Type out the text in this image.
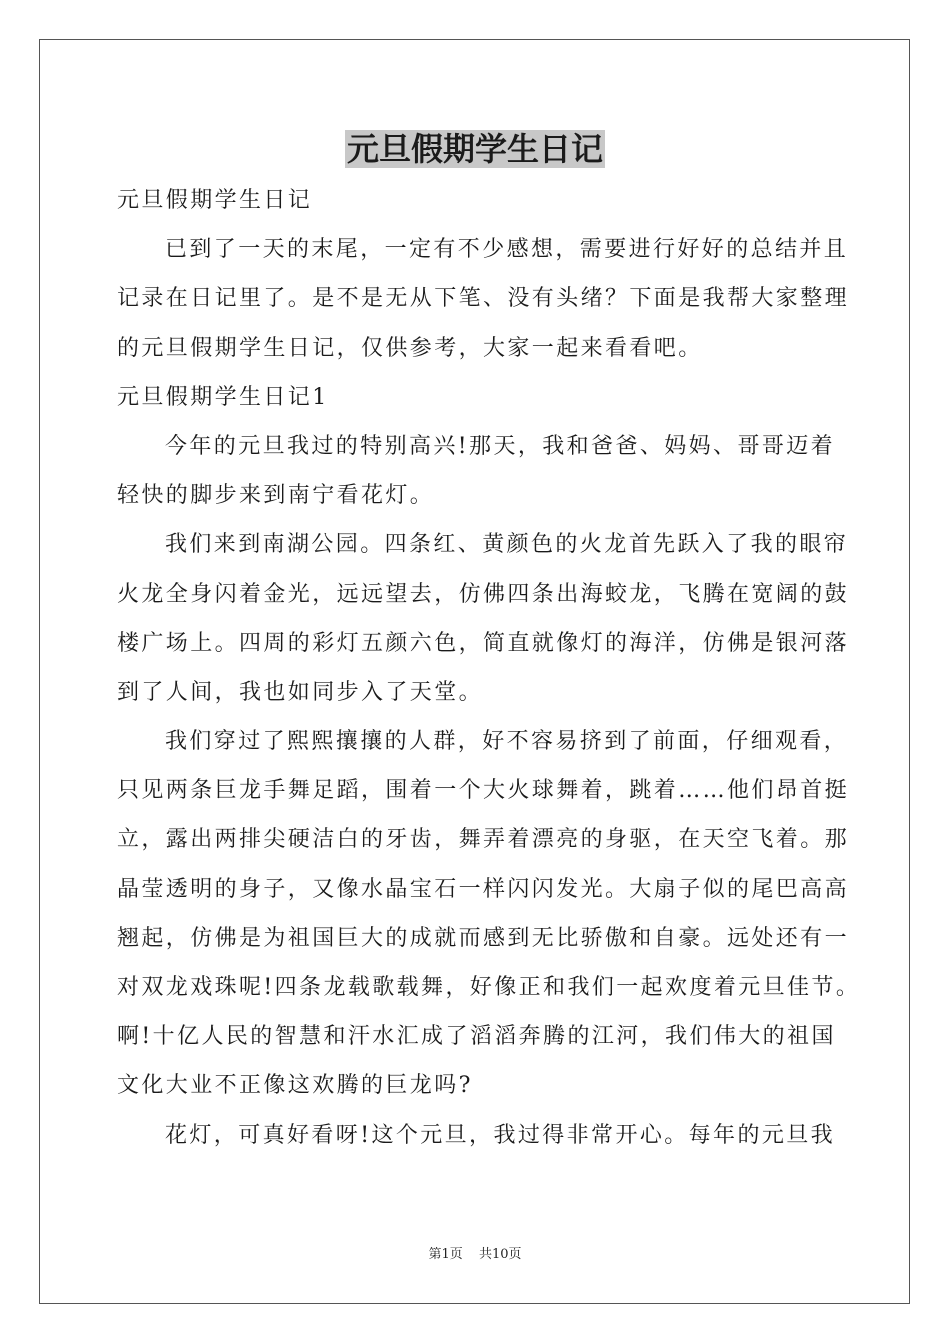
元旦假期学生日记
元旦假期学生日记
已到了一天的末尾，一定有不少感想，需要进行好好的总结并且
记录在日记里了。是不是无从下笔、没有头绪？下面是我帮大家整理
的元旦假期学生日记，仅供参考，大家一起来看看吧。
元旦假期学生日记1
今年的元旦我过的特别高兴!那天，我和爸爸、妈妈、哥哥迈着
轻快的脚步来到南宁看花灯。
我们来到南湖公园。四条红、黄颜色的火龙首先跃入了我的眼帘
火龙全身闪着金光，远远望去，仿佛四条出海蛟龙，飞腾在宽阔的鼓
楼广场上。四周的彩灯五颜六色，简直就像灯的海洋，仿佛是银河落
到了人间，我也如同步入了天堂。
我们穿过了熙熙攘攘的人群，好不容易挤到了前面，仔细观看，
只见两条巨龙手舞足蹈，围着一个大火球舞着，跳着……他们昂首挺
立，露出两排尖硬洁白的牙齿，舞弄着漂亮的身驱，在天空飞着。那
晶莹透明的身子，又像水晶宝石一样闪闪发光。大扇子似的尾巴高高
翘起，仿佛是为祖国巨大的成就而感到无比骄傲和自豪。远处还有一
对双龙戏珠呢!四条龙载歌载舞，好像正和我们一起欢度着元旦佳节。
啊!十亿人民的智慧和汗水汇成了滔滔奔腾的江河，我们伟大的祖国
文化大业不正像这欢腾的巨龙吗?
花灯，可真好看呀!这个元旦，我过得非常开心。每年的元旦我
第1页 共10页
